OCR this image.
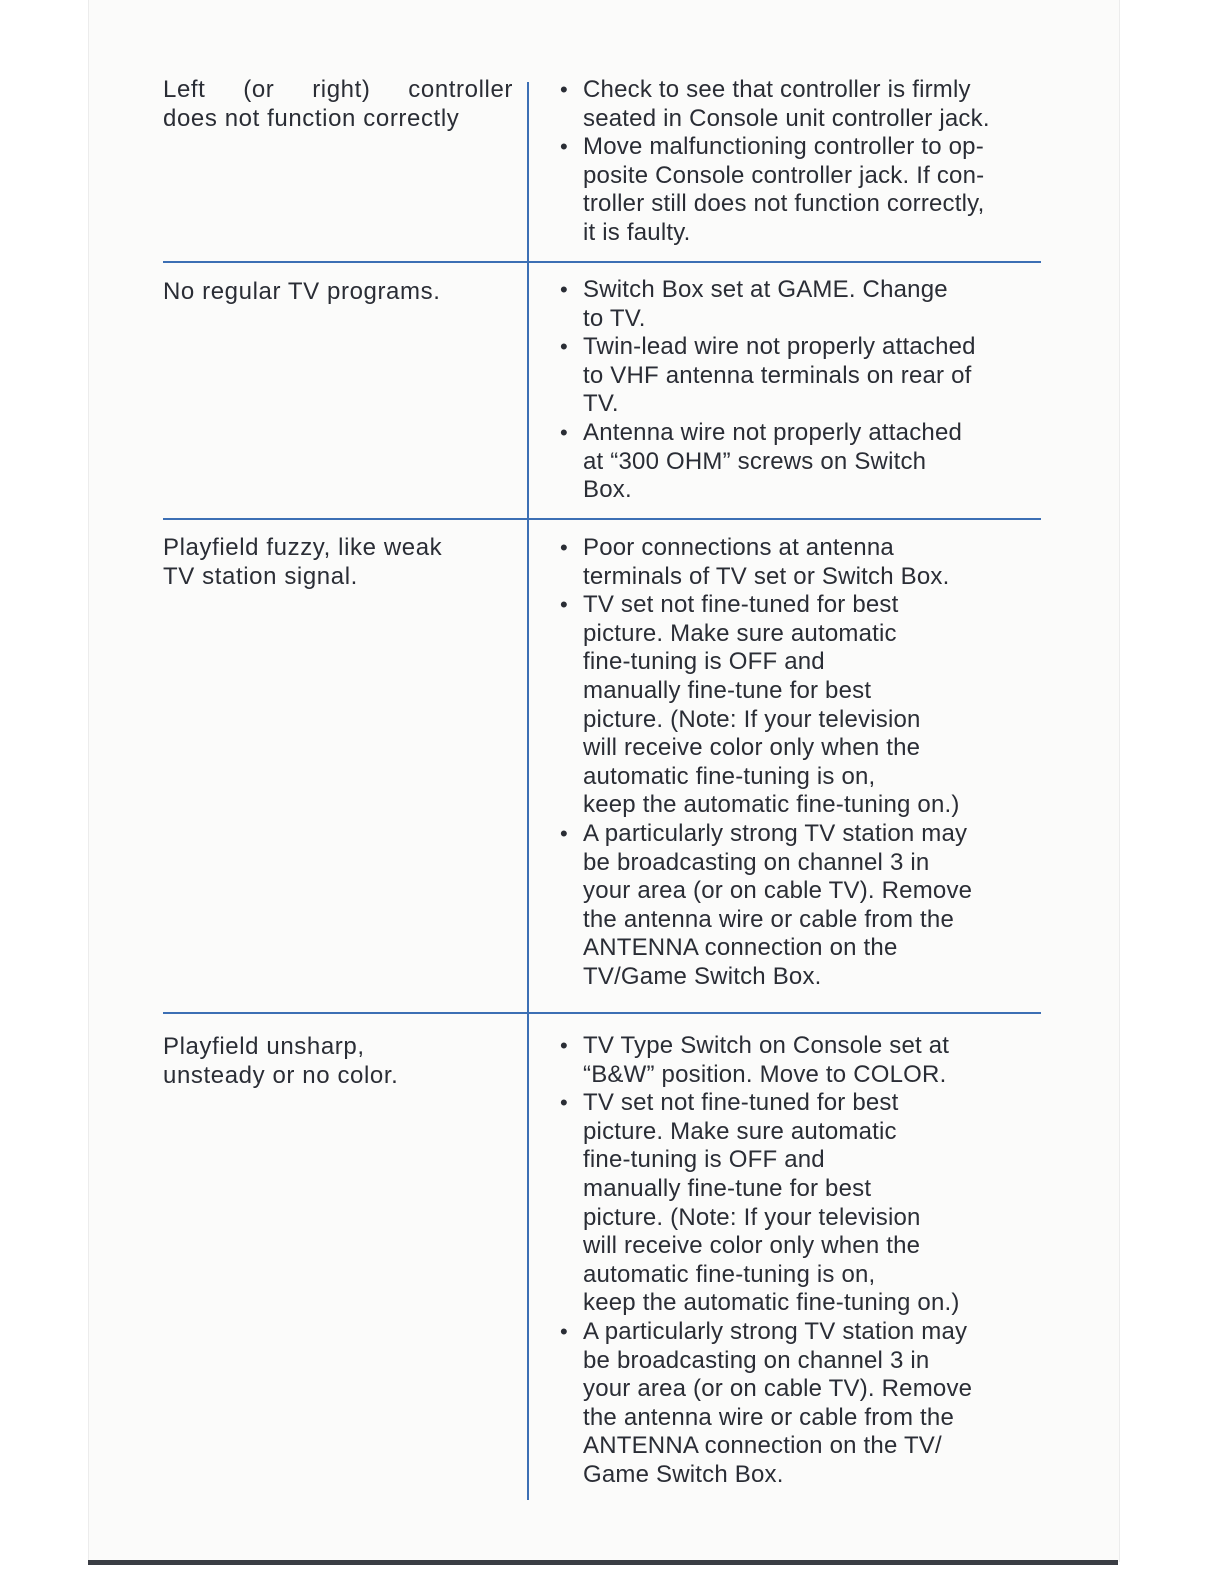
Left (or right) controller
does not function correctly
• Check to see that controller is firmly
seated in Console unit controller jack.
• Move malfunctioning controller to op-
posite Console controller jack. If con-
troller still does not function correctly,
it is faulty.
No regular TV programs.	• Switch Box set at GAME. Change
to TV.
• Twin-lead wire not properly attached
to VHF antenna terminals on rear of
TV.
• Antenna wire not properly attached
at “300 OHM” screws on Switch
Box.
Playfield fuzzy, like weak
TV station signal.
• Poor connections at antenna
terminals of TV set or Switch Box.
• TV set not fine-tuned for best
picture. Make sure automatic
fine-tuning is OFF and
manually fine-tune for best
picture. (Note: If your television
will receive color only when the
automatic fine-tuning is on,
keep the automatic fine-tuning on.)
• A particularly strong TV station may
be broadcasting on channel 3 in
your area (or on cable TV). Remove
the antenna wire or cable from the
ANTENNA connection on the
TV/Game Switch Box.
Playfield unsharp,
unsteady or no color.
• TV Type Switch on Console set at
“B&W” position. Move to COLOR.
• TV set not fine-tuned for best
picture. Make sure automatic
fine-tuning is OFF and
manually fine-tune for best
picture. (Note: If your television
will receive color only when the
automatic fine-tuning is on,
keep the automatic fine-tuning on.)
• A particularly strong TV station may
be broadcasting on channel 3 in
your area (or on cable TV). Remove
the antenna wire or cable from the
ANTENNA connection on the TV/
Game Switch Box.
